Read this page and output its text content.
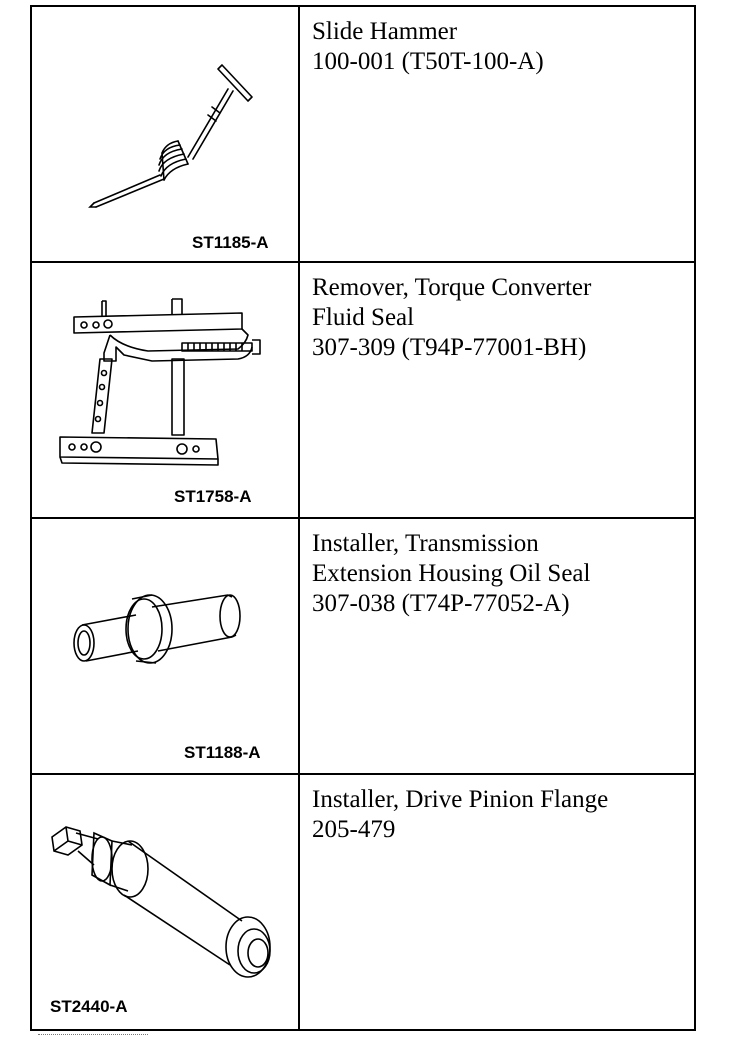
ST1185-A	Slide Hammer
100-001 (T50T-100-A)

ST1758-A	Remover, Torque Converter
Fluid Seal
307-309 (T94P-77001-BH)

ST1188-A	Installer, Transmission
Extension Housing Oil Seal
307-038 (T74P-77052-A)

ST2440-A	Installer, Drive Pinion Flange
205-479
